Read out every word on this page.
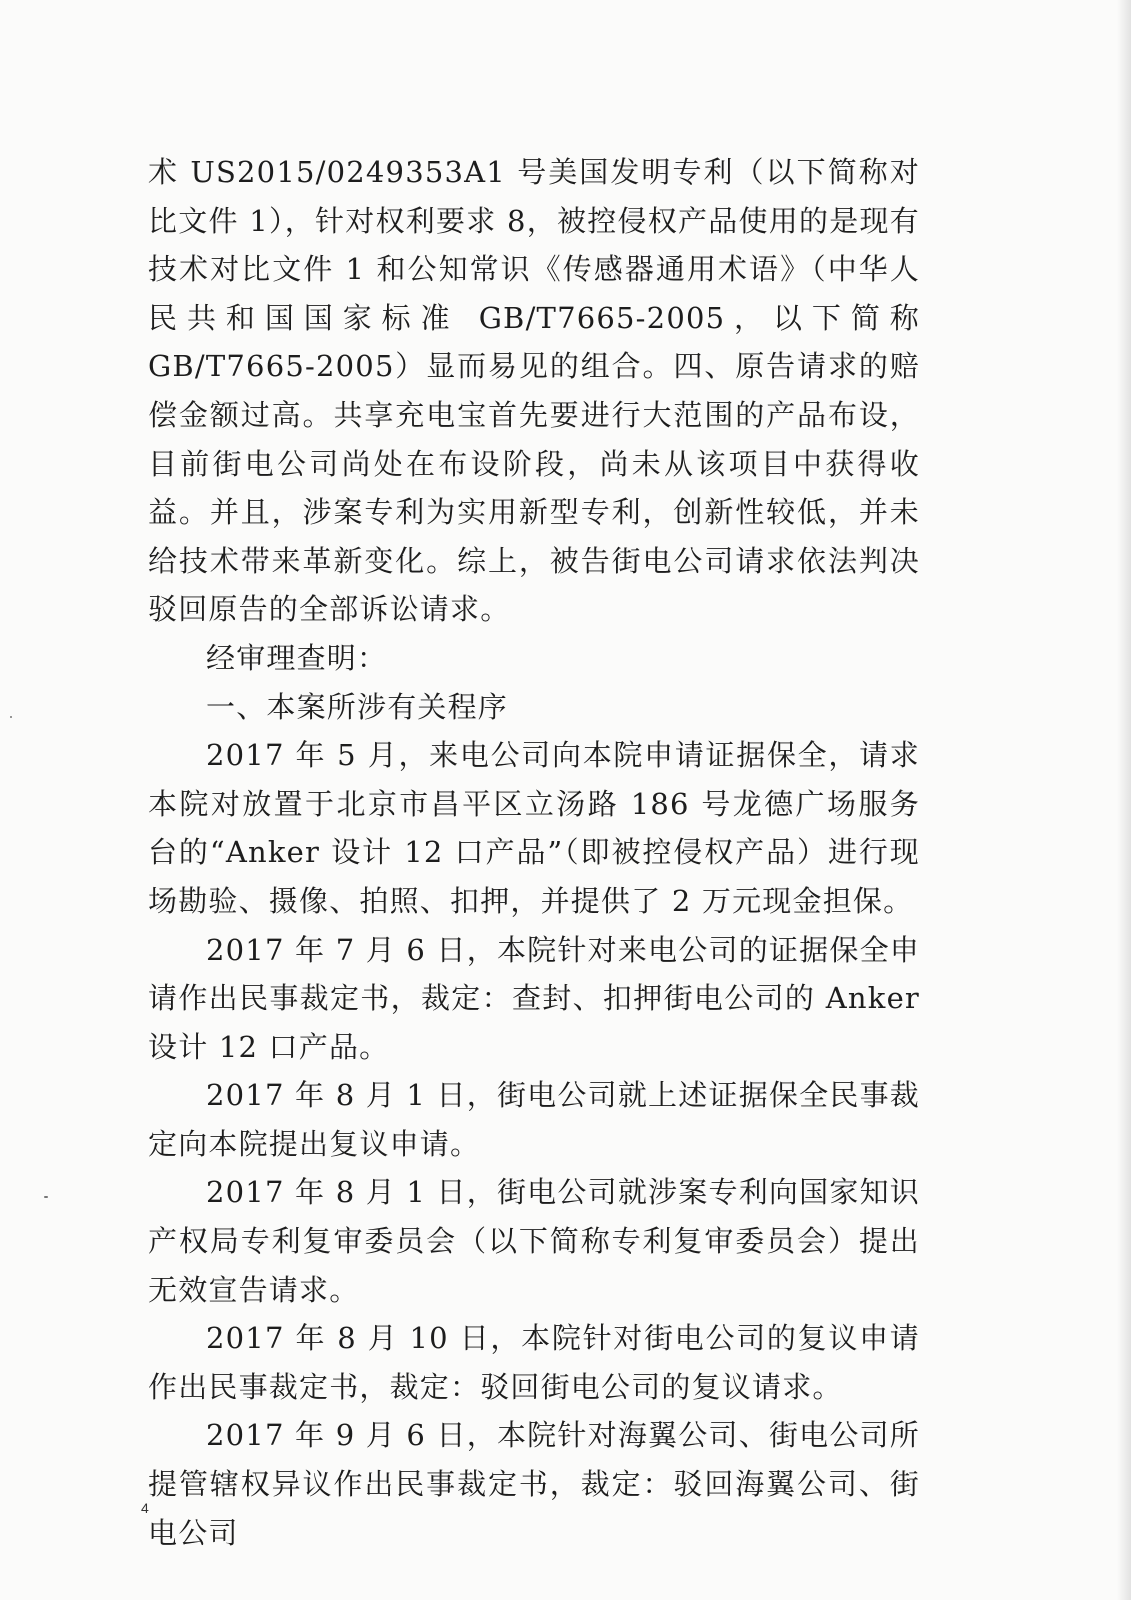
术 US2015/0249353A1 号美国发明专利（以下简称对比文件 1），针对权利要求 8，被控侵权产品使用的是现有技术对比文件 1 和公知常识《传感器通用术语》（中华人民共和国国家标准 GB/T7665-2005，以下简称 GB/T7665-2005）显而易见的组合。四、原告请求的赔偿金额过高。共享充电宝首先要进行大范围的产品布设，目前街电公司尚处在布设阶段，尚未从该项目中获得收益。并且，涉案专利为实用新型专利，创新性较低，并未给技术带来革新变化。综上，被告街电公司请求依法判决驳回原告的全部诉讼请求。

经审理查明：

一、本案所涉有关程序

2017 年 5 月，来电公司向本院申请证据保全，请求本院对放置于北京市昌平区立汤路 186 号龙德广场服务台的“Anker 设计 12 口产品”（即被控侵权产品）进行现场勘验、摄像、拍照、扣押，并提供了 2 万元现金担保。

2017 年 7 月 6 日，本院针对来电公司的证据保全申请作出民事裁定书，裁定：查封、扣押街电公司的 Anker 设计 12 口产品。

2017 年 8 月 1 日，街电公司就上述证据保全民事裁定向本院提出复议申请。

2017 年 8 月 1 日，街电公司就涉案专利向国家知识产权局专利复审委员会（以下简称专利复审委员会）提出无效宣告请求。

2017 年 8 月 10 日，本院针对街电公司的复议申请作出民事裁定书，裁定：驳回街电公司的复议请求。

2017 年 9 月 6 日，本院针对海翼公司、街电公司所提管辖权异议作出民事裁定书，裁定：驳回海翼公司、街电公司

4
